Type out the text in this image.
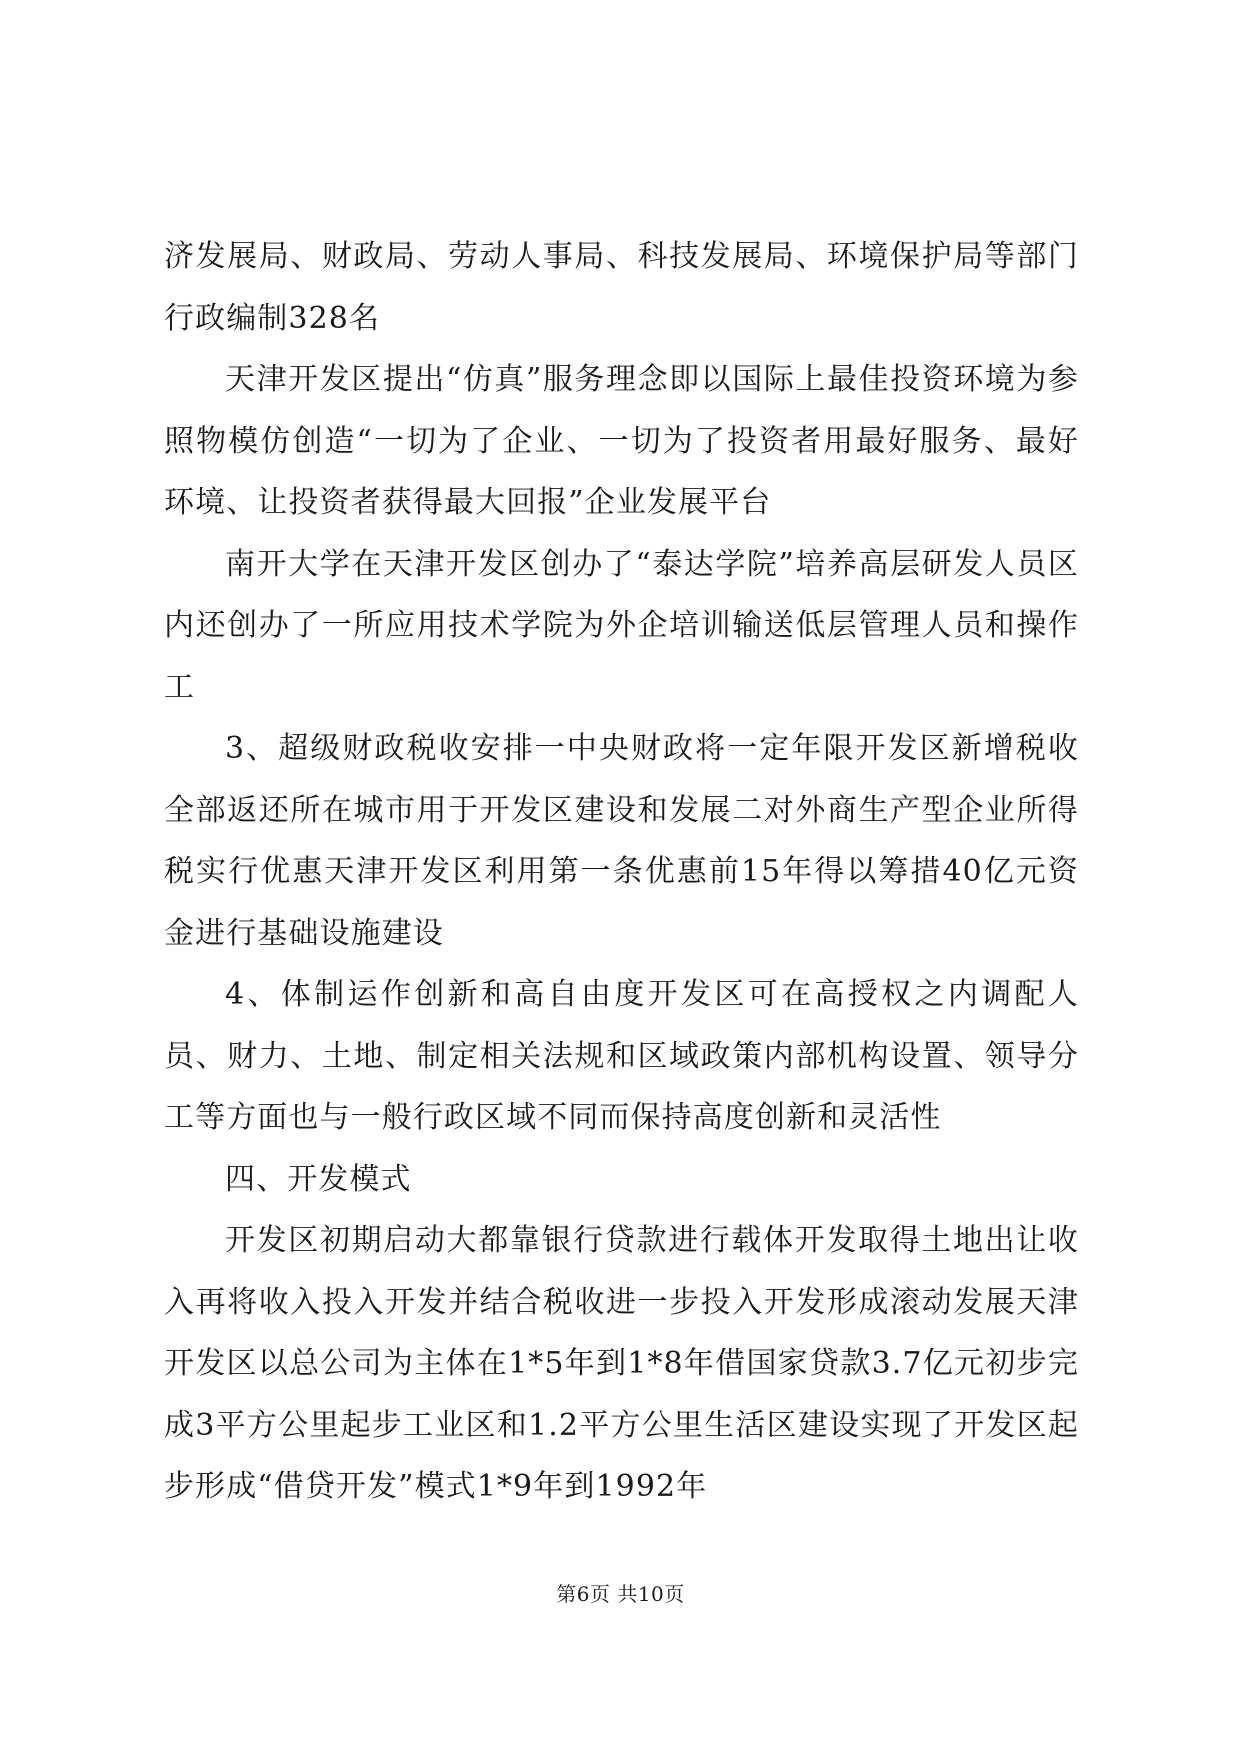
济发展局、财政局、劳动人事局、科技发展局、环境保护局等部门行政编制328名

天津开发区提出“仿真”服务理念即以国际上最佳投资环境为参照物模仿创造“一切为了企业、一切为了投资者用最好服务、最好环境、让投资者获得最大回报”企业发展平台

南开大学在天津开发区创办了“泰达学院”培养高层研发人员区内还创办了一所应用技术学院为外企培训输送低层管理人员和操作工

3、超级财政税收安排一中央财政将一定年限开发区新增税收全部返还所在城市用于开发区建设和发展二对外商生产型企业所得税实行优惠天津开发区利用第一条优惠前15年得以筹措40亿元资金进行基础设施建设

4、体制运作创新和高自由度开发区可在高授权之内调配人员、财力、土地、制定相关法规和区域政策内部机构设置、领导分工等方面也与一般行政区域不同而保持高度创新和灵活性

四、开发模式

开发区初期启动大都靠银行贷款进行载体开发取得土地出让收入再将收入投入开发并结合税收进一步投入开发形成滚动发展天津开发区以总公司为主体在1*5年到1*8年借国家贷款3.7亿元初步完成3平方公里起步工业区和1.2平方公里生活区建设实现了开发区起步形成“借贷开发”模式1*9年到1992年

第6页 共10页
